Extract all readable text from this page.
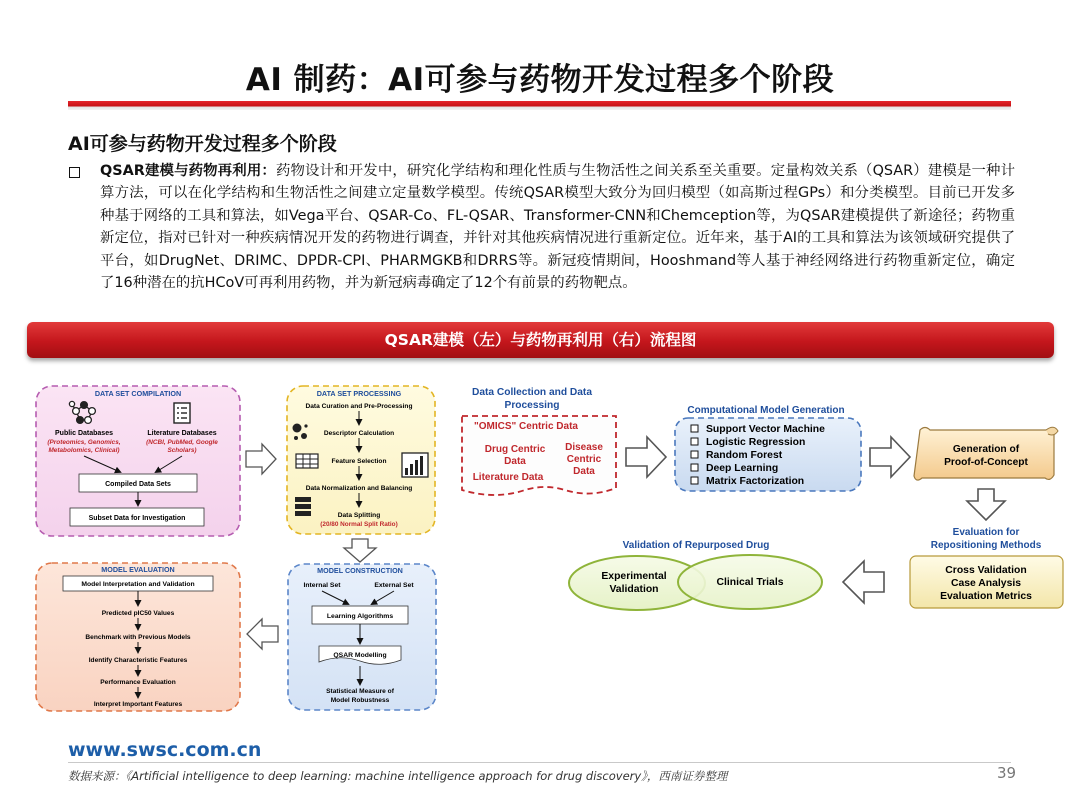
AI 制药：AI可参与药物开发过程多个阶段
AI可参与药物开发过程多个阶段
QSAR建模与药物再利用：药物设计和开发中，研究化学结构和理化性质与生物活性之间关系至关重要。定量构效关系（QSAR）建模是一种计算方法，可以在化学结构和生物活性之间建立定量数学模型。传统QSAR模型大致分为回归模型（如高斯过程GPs）和分类模型。目前已开发多种基于网络的工具和算法，如Vega平台、QSAR-Co、FL-QSAR、Transformer-CNN和Chemception等，为QSAR建模提供了新途径；药物重新定位，指对已针对一种疾病情况开发的药物进行调查，并针对其他疾病情况进行重新定位。近年来，基于AI的工具和算法为该领域研究提供了平台，如DrugNet、DRIMC、DPDR-CPI、PHARMGKB和DRRS等。新冠疫情期间，Hooshmand等人基于神经网络进行药物重新定位，确定了16种潜在的抗HCoV可再利用药物，并为新冠病毒确定了12个有前景的药物靶点。
QSAR建模（左）与药物再利用（右）流程图
DATA SET COMPILATION
Public Databases
(Proteomics, Genomics,
Metabolomics, Clinical)
Literature Databases
(NCBI, PubMed, Google
Scholars)
Compiled Data Sets
Subset Data for Investigation
DATA SET PROCESSING
Data Curation and Pre-Processing
Descriptor Calculation
Feature Selection
Data Normalization and Balancing
Data Splitting
(20/80 Normal Split Ratio)
MODEL CONSTRUCTION
Internal Set	External Set
Learning Algorithms
QSAR Modelling
Statistical Measure of
Model Robustness
MODEL EVALUATION
Model Interpretation and Validation
Predicted pIC50 Values
Benchmark with Previous Models
Identify Characteristic Features
Performance Evaluation
Interpret Important Features
Data Collection and Data
Processing
"OMICS" Centric Data
Drug Centric
Data
Disease
Centric
Data
Literature Data
Computational Model Generation
Support Vector Machine
Logistic Regression
Random Forest
Deep Learning
Matrix Factorization
Generation of
Proof-of-Concept
Evaluation for
Repositioning Methods
Cross Validation
Case Analysis
Evaluation Metrics
Validation of Repurposed Drug
Experimental
Validation
Clinical Trials
www.swsc.com.cn
数据来源：《Artificial intelligence to deep learning: machine intelligence approach for drug discovery》，西南证券整理	39
